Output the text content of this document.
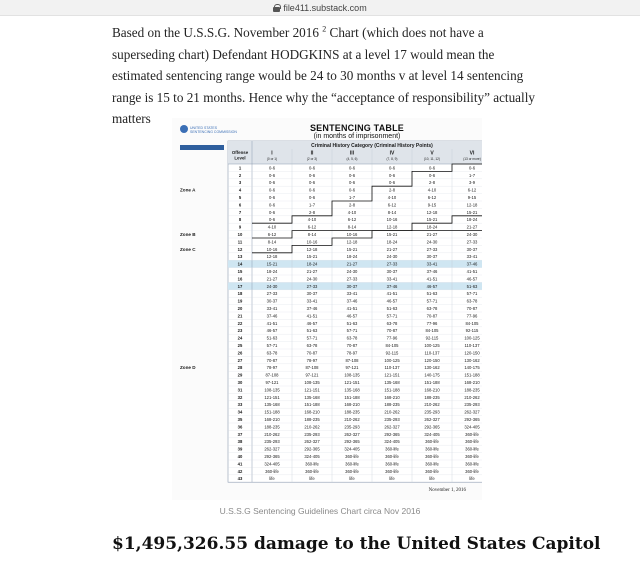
file411.substack.com

Based on the U.S.S.G. November 2016 $^2$ Chart (which does not have a superseding chart) Defendant HODGKINS at a level 17 would mean the estimated sentencing range would be 24 to 30 months v at level 14 sentencing range is 15 to 21 months. Hence why the “acceptance of responsibility” actually matters

UNITED STATES
SENTENCING COMMISSION	SENTENCING TABLE
(in months of imprisonment)
Criminal History Category (Criminal History Points)
Offense
Level
I
(0 or 1)
II
(2 or 3)
III
(4, 5, 6)
IV
(7, 8, 9)
V
(10, 11, 12)
VI
(13 or more)
1	0-6	0-6	0-6	0-6	0-6	0-6
2	0-6	0-6	0-6	0-6	0-6	1-7
3	0-6	0-6	0-6	0-6	2-8	3-9
4	0-6	0-6	0-6	2-8	4-10	6-12
5	0-6	0-6	1-7	4-10	6-12	9-15
6	0-6	1-7	2-8	6-12	9-15	12-18
7	0-6	2-8	4-10	8-14	12-18	15-21
8	0-6	4-10	6-12	10-16	15-21	18-24
9	4-10	6-12	8-14	12-18	18-24	21-27
10	6-12	8-14	10-16	15-21	21-27	24-30
11	8-14	10-16	12-18	18-24	24-30	27-33
12	10-16	12-18	15-21	21-27	27-33	30-37
13	12-18	15-21	18-24	24-30	30-37	33-41
14	15-21	18-24	21-27	27-33	33-41	37-46
15	18-24	21-27	24-30	30-37	37-46	41-51
16	21-27	24-30	27-33	33-41	41-51	46-57
17	24-30	27-33	30-37	37-46	46-57	51-63
18	27-33	30-37	33-41	41-51	51-63	57-71
19	30-37	33-41	37-46	46-57	57-71	63-78
20	33-41	37-46	41-51	51-63	63-78	70-87
21	37-46	41-51	46-57	57-71	70-87	77-96
22	41-51	46-57	51-63	63-78	77-96	84-105
23	46-57	51-63	57-71	70-87	84-105	92-115
24	51-63	57-71	63-78	77-96	92-115	100-125
25	57-71	63-78	70-87	84-105	100-125	110-137
26	63-78	70-87	78-97	92-115	110-137	120-150
27	70-87	78-97	87-108	100-125	120-150	130-162
28	78-97	87-108	97-121	110-137	130-162	140-175
29	87-108	97-121	108-135	121-151	140-175	151-188
30	97-121	108-135	121-151	135-168	151-188	168-210
31	108-135	121-151	135-168	151-188	168-210	188-235
32	121-151	135-168	151-188	168-210	188-235	210-262
33	135-168	151-188	168-210	188-235	210-262	235-293
34	151-188	168-210	188-235	210-262	235-293	262-327
35	168-210	188-235	210-262	235-293	262-327	292-365
36	188-235	210-262	235-293	262-327	292-365	324-405
37	210-262	235-293	262-327	292-365	324-405	360-life
38	235-293	262-327	292-365	324-405	360-life	360-life
39	262-327	292-365	324-405	360-life	360-life	360-life
40	292-365	324-405	360-life	360-life	360-life	360-life
41	324-405	360-life	360-life	360-life	360-life	360-life
42	360-life	360-life	360-life	360-life	360-life	360-life
43	life	life	life	life	life	life
Zone A
Zone B
Zone C
Zone D
November 1, 2016
U.S.S.G Sentencing Guidelines Chart circa Nov 2016
$1,495,326.55 damage to the United States Capitol
